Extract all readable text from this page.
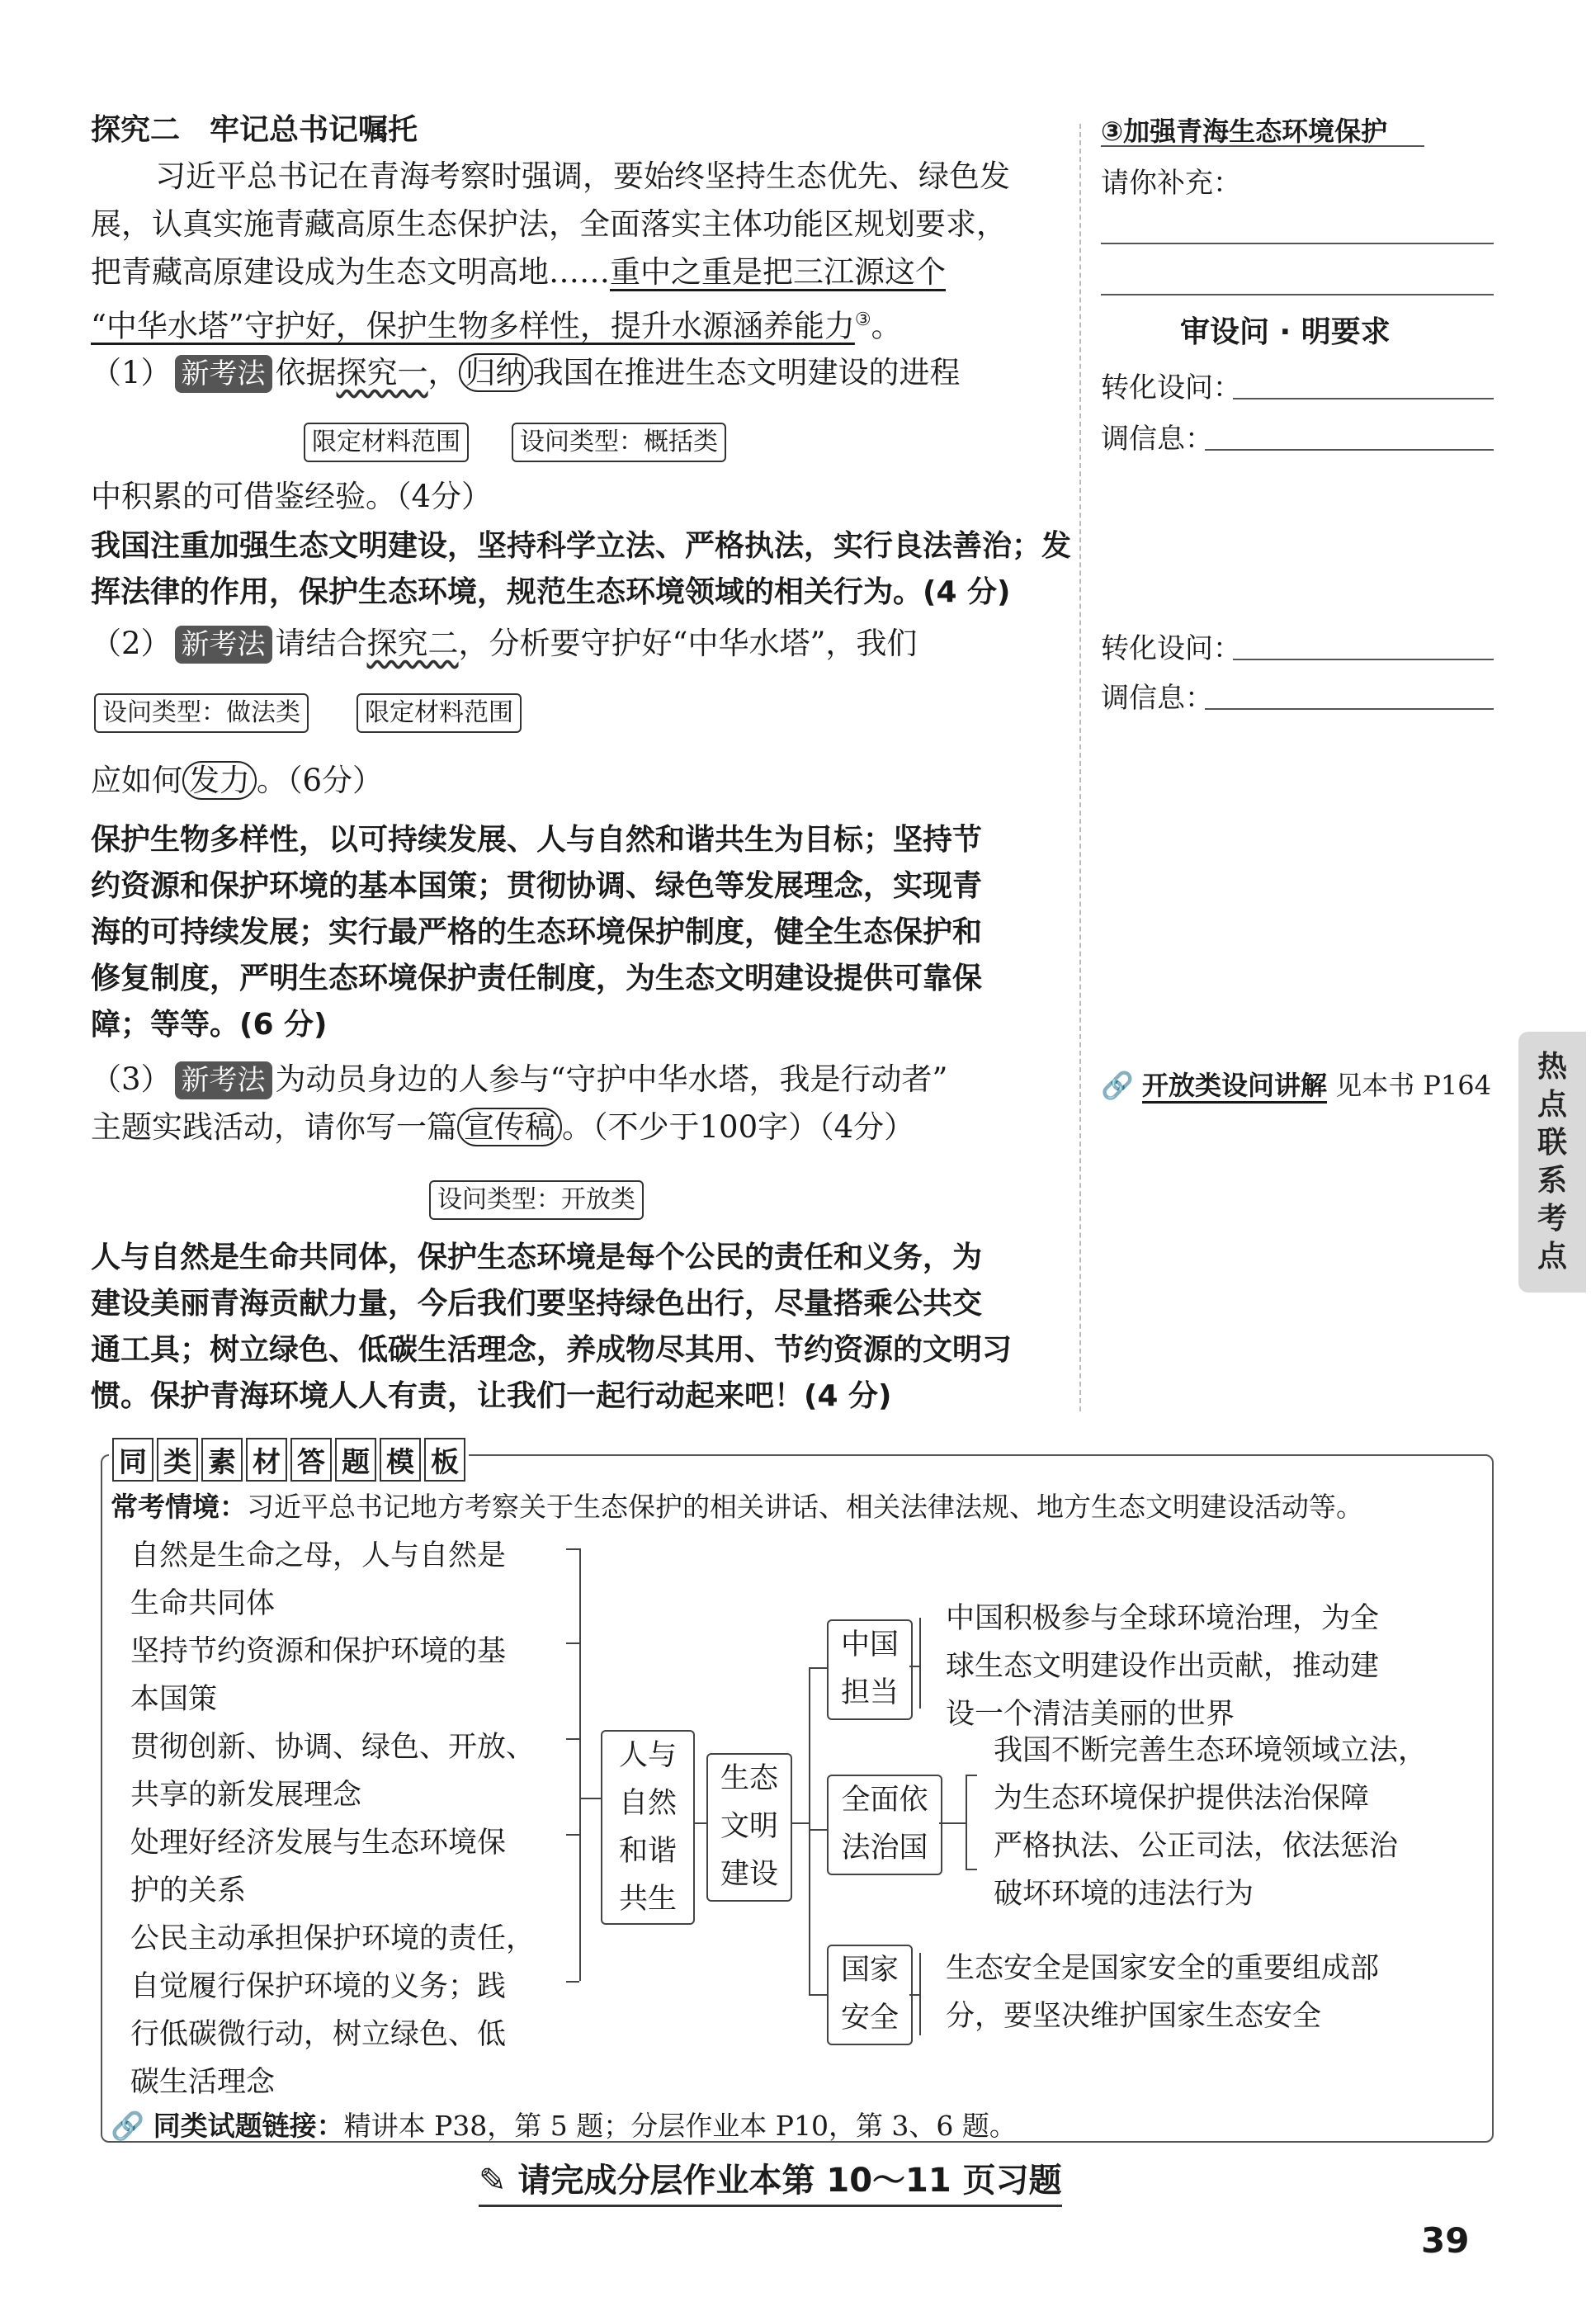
探究二　牢记总书记嘱托
习近平总书记在青海考察时强调，要始终坚持生态优先、绿色发
展，认真实施青藏高原生态保护法，全面落实主体功能区规划要求，
把青藏高原建设成为生态文明高地……重中之重是把三江源这个
“中华水塔”守护好，保护生物多样性，提升水源涵养能力③。
（1） 新考法 依据探究一， 归纳 我国在推进生态文明建设的进程
限定材料范围	设问类型：概括类
中积累的可借鉴经验。（4分）
我国注重加强生态文明建设，坚持科学立法、严格执法，实行良法善治；发
挥法律的作用，保护生态环境，规范生态环境领域的相关行为。(4 分)
（2） 新考法 请结合探究二，分析要守护好“中华水塔”，我们
设问类型：做法类	限定材料范围
应如何 发力 。（6分）
保护生物多样性，以可持续发展、人与自然和谐共生为目标；坚持节
约资源和保护环境的基本国策；贯彻协调、绿色等发展理念，实现青
海的可持续发展；实行最严格的生态环境保护制度，健全生态保护和
修复制度，严明生态环境保护责任制度，为生态文明建设提供可靠保
障；等等。(6 分)
（3） 新考法 为动员身边的人参与“守护中华水塔，我是行动者”
主题实践活动，请你写一篇 宣传稿 。（不少于100字）（4分）
设问类型：开放类
人与自然是生命共同体，保护生态环境是每个公民的责任和义务，为
建设美丽青海贡献力量，今后我们要坚持绿色出行，尽量搭乘公共交
通工具；树立绿色、低碳生活理念，养成物尽其用、节约资源的文明习
惯。保护青海环境人人有责，让我们一起行动起来吧！(4 分)
③加强青海生态环境保护
请你补充：
审设问 · 明要求
转化设问：
调信息：
转化设问：
调信息：
🔗 开放类设问讲解 见本书 P164
热
点
联
系
考
点
同 类 素 材 答 题 模 板
常考情境：习近平总书记地方考察关于生态保护的相关讲话、相关法律法规、地方生态文明建设活动等。
自然是生命之母，人与自然是
生命共同体
坚持节约资源和保护环境的基
本国策
贯彻创新、协调、绿色、开放、
共享的新发展理念
处理好经济发展与生态环境保
护的关系
公民主动承担保护环境的责任，
自觉履行保护环境的义务；践
行低碳微行动，树立绿色、低
碳生活理念
人与
自然
和谐
共生
生态
文明
建设
中国
担当
中国积极参与全球环境治理，为全
球生态文明建设作出贡献，推动建
设一个清洁美丽的世界
全面依
法治国
我国不断完善生态环境领域立法，
为生态环境保护提供法治保障
严格执法、公正司法，依法惩治
破坏环境的违法行为
国家
安全
生态安全是国家安全的重要组成部
分，要坚决维护国家生态安全
🔗 同类试题链接：精讲本 P38，第 5 题；分层作业本 P10，第 3、6 题。
✎ 请完成分层作业本第 10～11 页习题
39
